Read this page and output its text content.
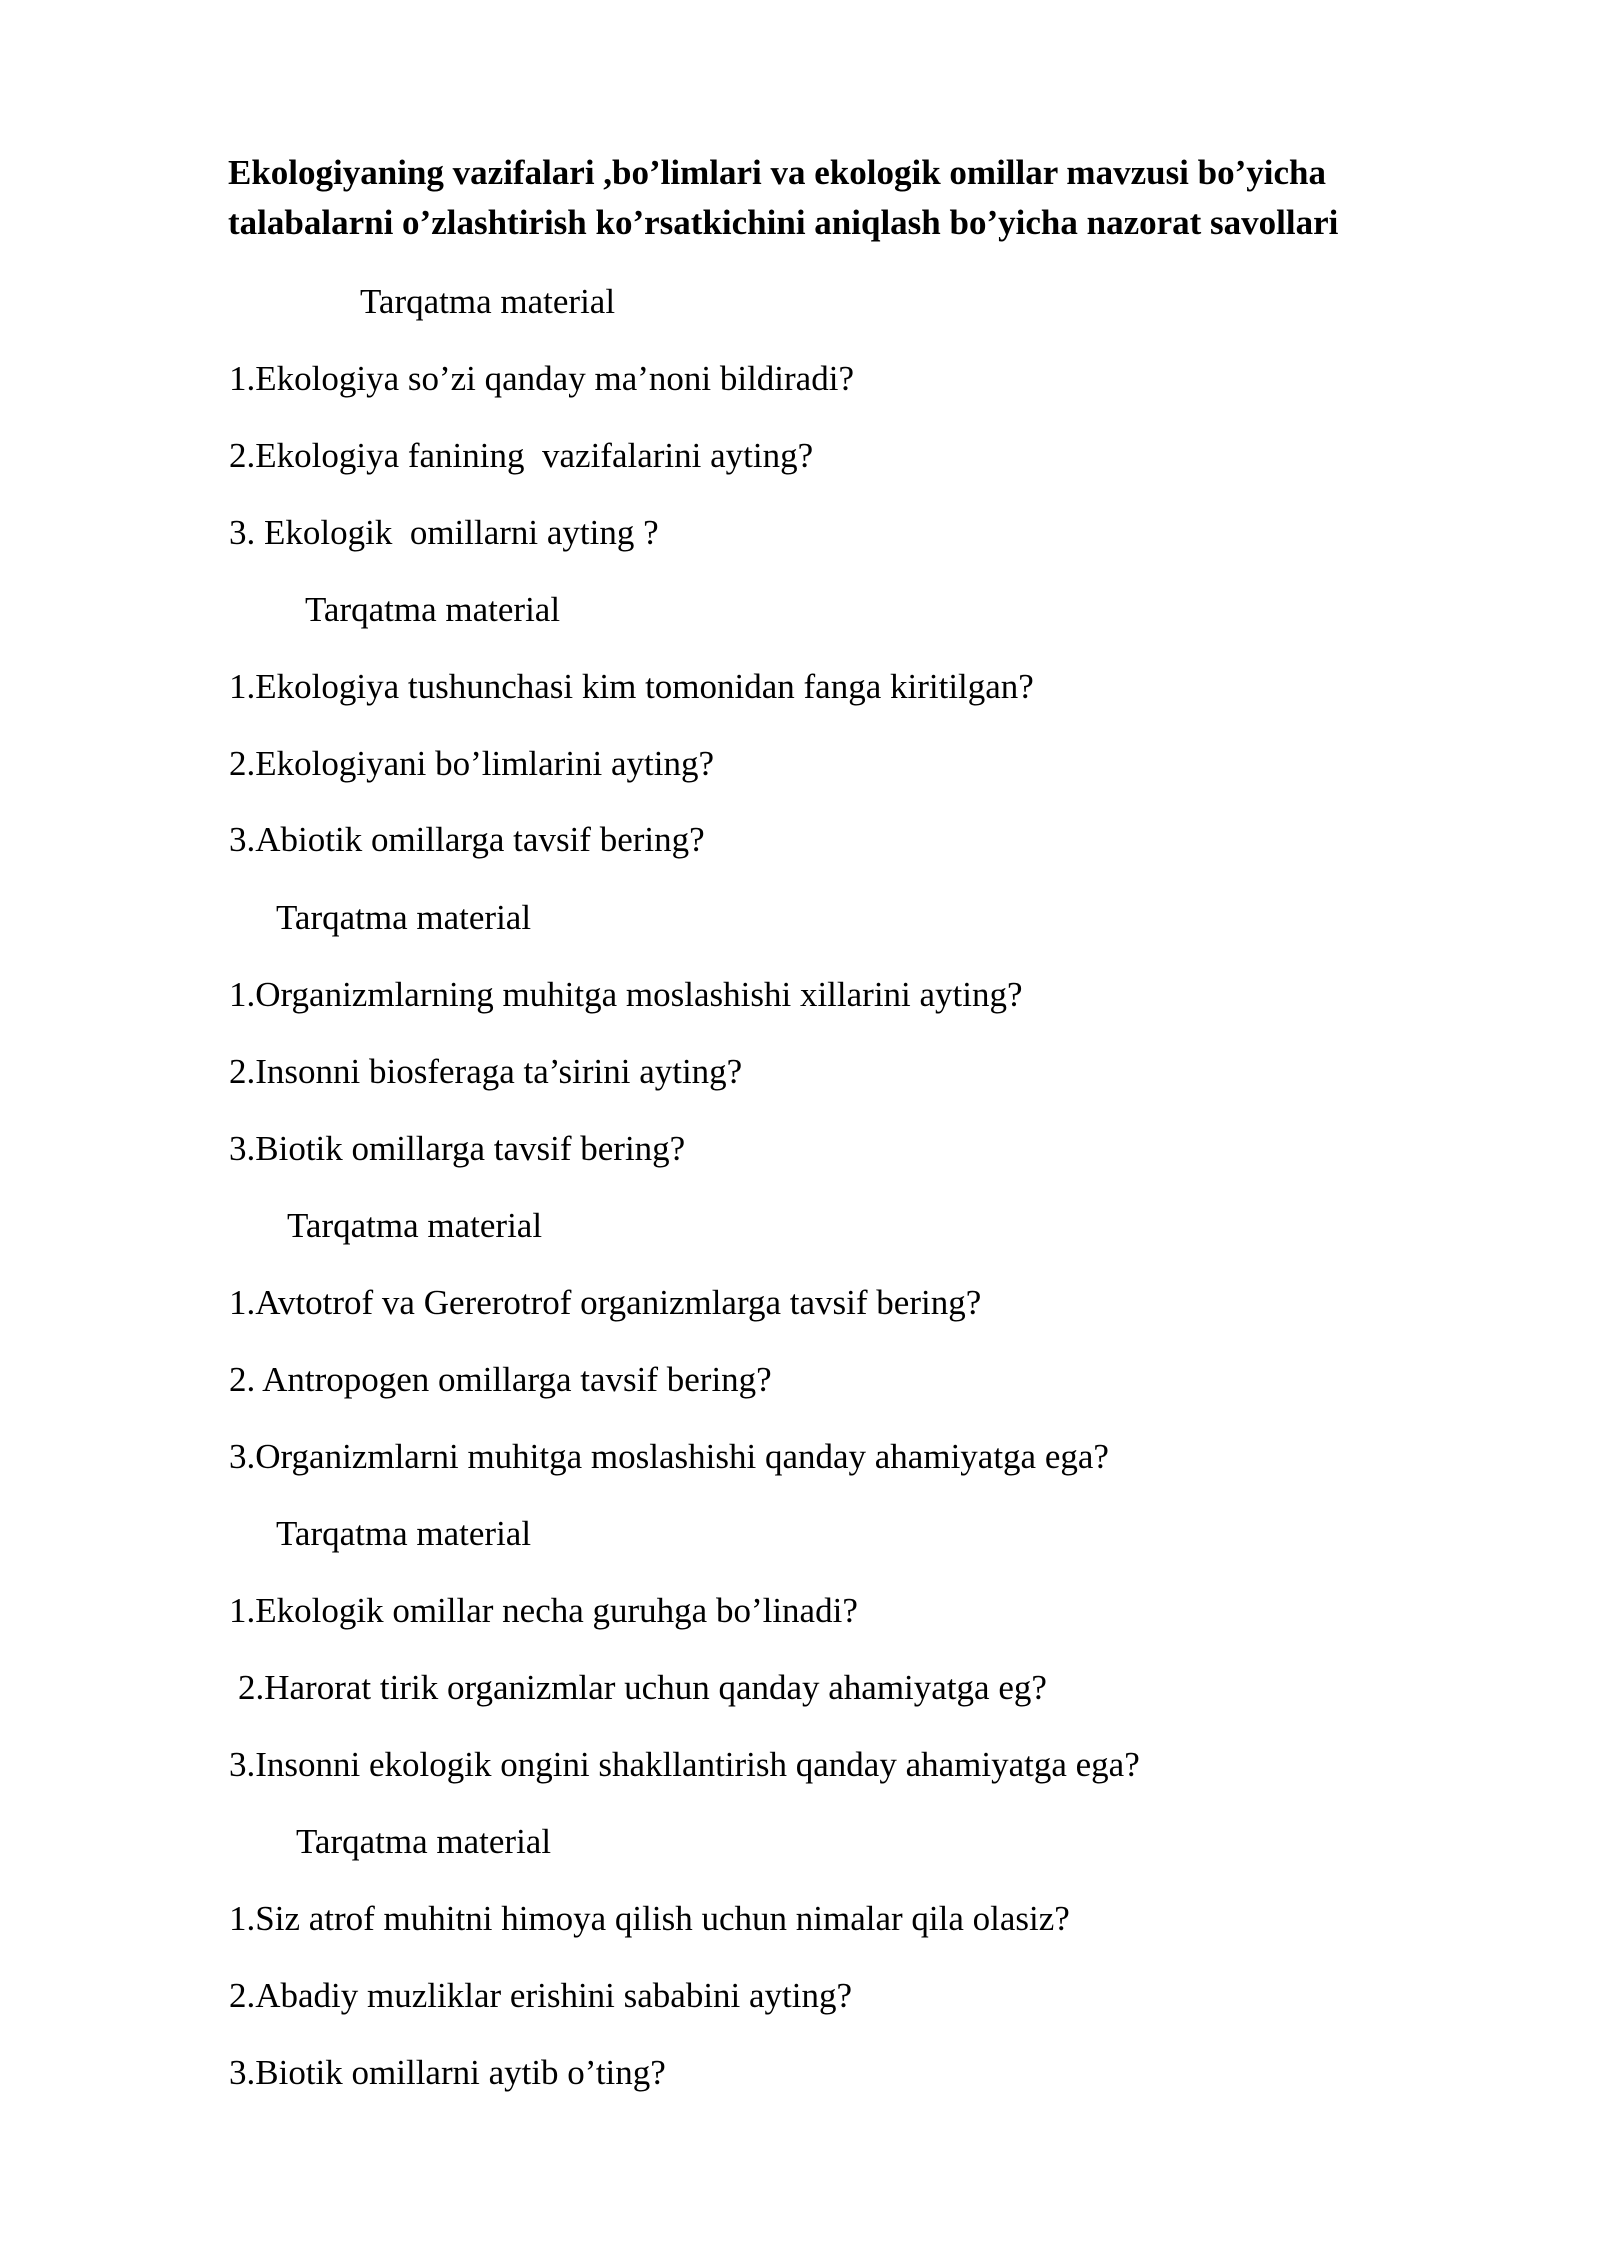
Ekologiyaning vazifalari ,bo’limlari va ekologik omillar mavzusi bo’yicha
talabalarni o’zlashtirish ko’rsatkichini aniqlash bo’yicha nazorat savollari
Tarqatma material
1.Ekologiya so’zi qanday ma’noni bildiradi?
2.Ekologiya fanining  vazifalarini ayting?
3. Ekologik  omillarni ayting ?
Tarqatma material
1.Ekologiya tushunchasi kim tomonidan fanga kiritilgan?
2.Ekologiyani bo’limlarini ayting?
3.Abiotik omillarga tavsif bering?
Tarqatma material
1.Organizmlarning muhitga moslashishi xillarini ayting?
2.Insonni biosferaga ta’sirini ayting?
3.Biotik omillarga tavsif bering?
Tarqatma material
1.Avtotrof va Gererotrof organizmlarga tavsif bering?
2. Antropogen omillarga tavsif bering?
3.Organizmlarni muhitga moslashishi qanday ahamiyatga ega?
Tarqatma material
1.Ekologik omillar necha guruhga bo’linadi?
2.Harorat tirik organizmlar uchun qanday ahamiyatga eg?
3.Insonni ekologik ongini shakllantirish qanday ahamiyatga ega?
Tarqatma material
1.Siz atrof muhitni himoya qilish uchun nimalar qila olasiz?
2.Abadiy muzliklar erishini sababini ayting?
3.Biotik omillarni aytib o’ting?
